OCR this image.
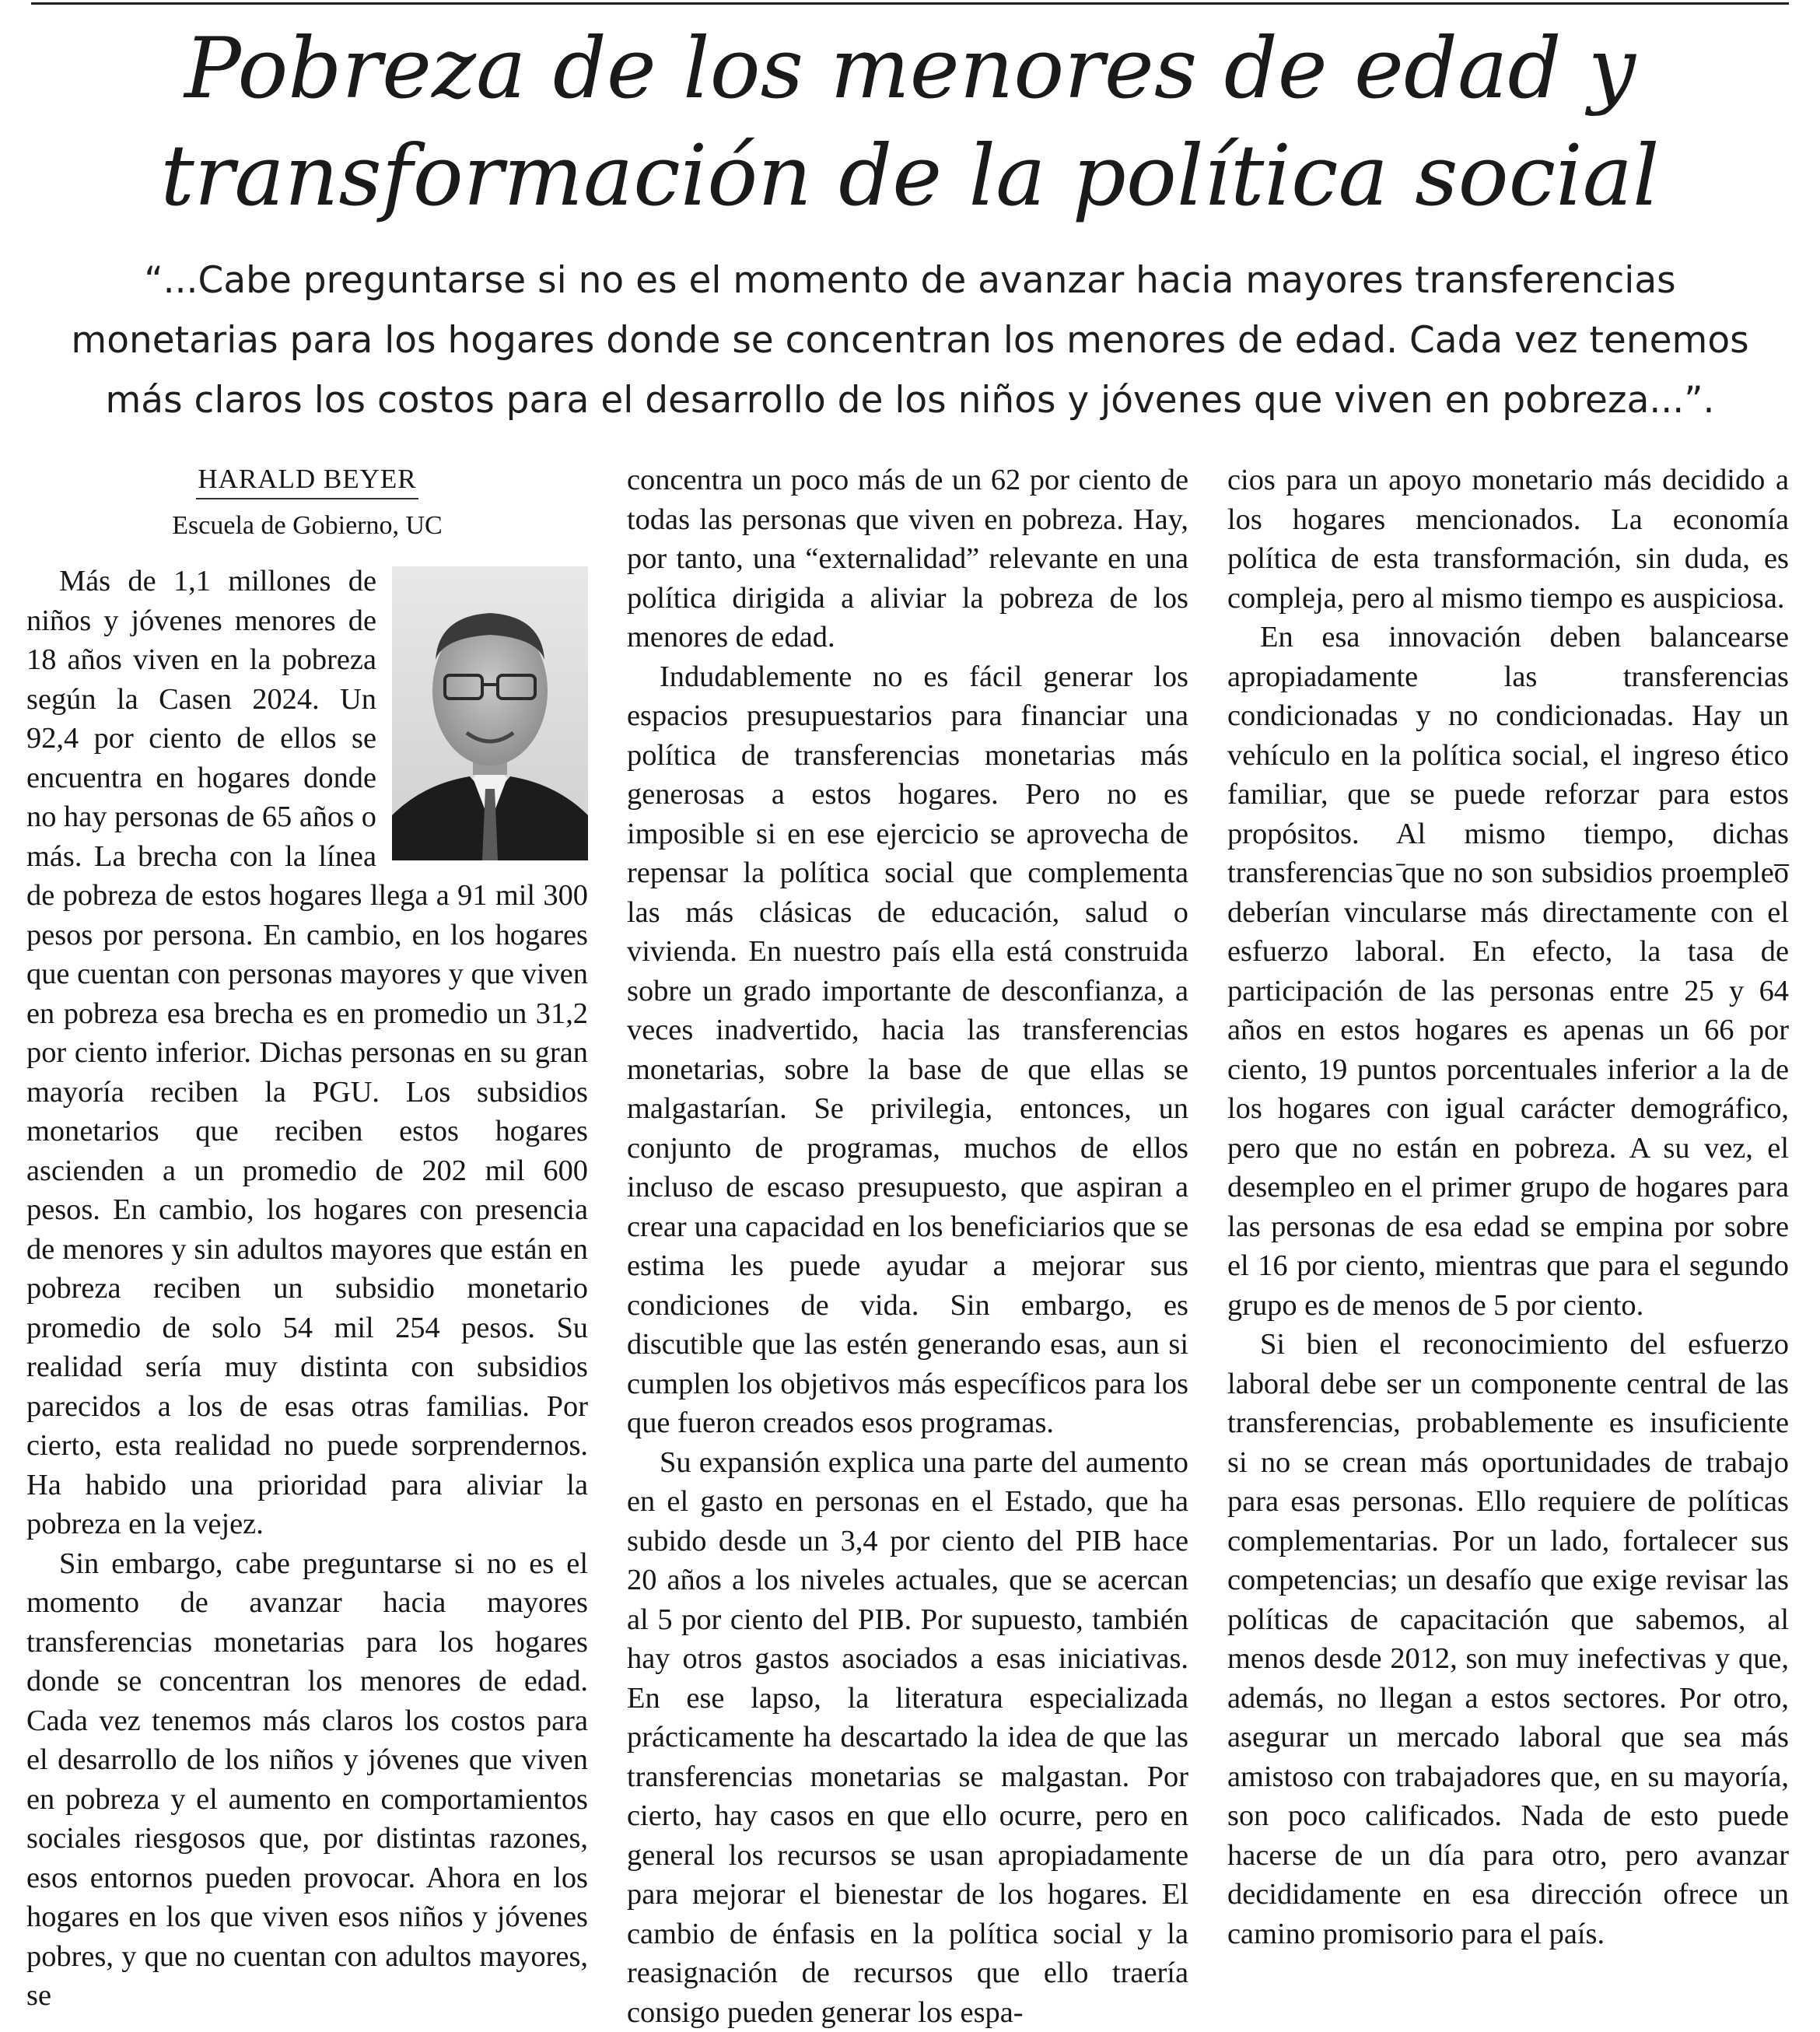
Pobreza de los menores de edad y transformación de la política social

“...Cabe preguntarse si no es el momento de avanzar hacia mayores transferencias monetarias para los hogares donde se concentran los menores de edad. Cada vez tenemos más claros los costos para el desarrollo de los niños y jóvenes que viven en pobreza...”.

HARALD BEYER
Escuela de Gobierno, UC

Más de 1,1 millones de niños y jóvenes menores de 18 años viven en la pobreza según la Casen 2024. Un 92,4 por ciento de ellos se encuentra en hogares donde no hay personas de 65 años o más. La brecha con la línea de pobreza de estos hogares llega a 91 mil 300 pesos por persona. En cambio, en los hogares que cuentan con personas mayores y que viven en pobreza esa brecha es en promedio un 31,2 por ciento inferior. Dichas personas en su gran mayoría reciben la PGU. Los subsidios monetarios que reciben estos hogares ascienden a un promedio de 202 mil 600 pesos. En cambio, los hogares con presencia de menores y sin adultos mayores que están en pobreza reciben un subsidio monetario promedio de solo 54 mil 254 pesos. Su realidad sería muy distinta con subsidios parecidos a los de esas otras familias. Por cierto, esta realidad no puede sorprendernos. Ha habido una prioridad para aliviar la pobreza en la vejez.

Sin embargo, cabe preguntarse si no es el momento de avanzar hacia mayores transferencias monetarias para los hogares donde se concentran los menores de edad. Cada vez tenemos más claros los costos para el desarrollo de los niños y jóvenes que viven en pobreza y el aumento en comportamientos sociales riesgosos que, por distintas razones, esos entornos pueden provocar. Ahora en los hogares en los que viven esos niños y jóvenes pobres, y que no cuentan con adultos mayores, se

concentra un poco más de un 62 por ciento de todas las personas que viven en pobreza. Hay, por tanto, una “externalidad” relevante en una política dirigida a aliviar la pobreza de los menores de edad.

Indudablemente no es fácil generar los espacios presupuestarios para financiar una política de transferencias monetarias más generosas a estos hogares. Pero no es imposible si en ese ejercicio se aprovecha de repensar la política social que complementa las más clásicas de educación, salud o vivienda. En nuestro país ella está construida sobre un grado importante de desconfianza, a veces inadvertido, hacia las transferencias monetarias, sobre la base de que ellas se malgastarían. Se privilegia, entonces, un conjunto de programas, muchos de ellos incluso de escaso presupuesto, que aspiran a crear una capacidad en los beneficiarios que se estima les puede ayudar a mejorar sus condiciones de vida. Sin embargo, es discutible que las estén generando esas, aun si cumplen los objetivos más específicos para los que fueron creados esos programas.

Su expansión explica una parte del aumento en el gasto en personas en el Estado, que ha subido desde un 3,4 por ciento del PIB hace 20 años a los niveles actuales, que se acercan al 5 por ciento del PIB. Por supuesto, también hay otros gastos asociados a esas iniciativas. En ese lapso, la literatura especializada prácticamente ha descartado la idea de que las transferencias monetarias se malgastan. Por cierto, hay casos en que ello ocurre, pero en general los recursos se usan apropiadamente para mejorar el bienestar de los hogares. El cambio de énfasis en la política social y la reasignación de recursos que ello traería consigo pueden generar los espa-

cios para un apoyo monetario más decidido a los hogares mencionados. La economía política de esta transformación, sin duda, es compleja, pero al mismo tiempo es auspiciosa.

En esa innovación deben balancearse apropiadamente las transferencias condicionadas y no condicionadas. Hay un vehículo en la política social, el ingreso ético familiar, que se puede reforzar para estos propósitos. Al mismo tiempo, dichas transferencias ̄que no son subsidios proempleo̅ deberían vincularse más directamente con el esfuerzo laboral. En efecto, la tasa de participación de las personas entre 25 y 64 años en estos hogares es apenas un 66 por ciento, 19 puntos porcentuales inferior a la de los hogares con igual carácter demográfico, pero que no están en pobreza. A su vez, el desempleo en el primer grupo de hogares para las personas de esa edad se empina por sobre el 16 por ciento, mientras que para el segundo grupo es de menos de 5 por ciento.

Si bien el reconocimiento del esfuerzo laboral debe ser un componente central de las transferencias, probablemente es insuficiente si no se crean más oportunidades de trabajo para esas personas. Ello requiere de políticas complementarias. Por un lado, fortalecer sus competencias; un desafío que exige revisar las políticas de capacitación que sabemos, al menos desde 2012, son muy inefectivas y que, además, no llegan a estos sectores. Por otro, asegurar un mercado laboral que sea más amistoso con trabajadores que, en su mayoría, son poco calificados. Nada de esto puede hacerse de un día para otro, pero avanzar decididamente en esa dirección ofrece un camino promisorio para el país.
